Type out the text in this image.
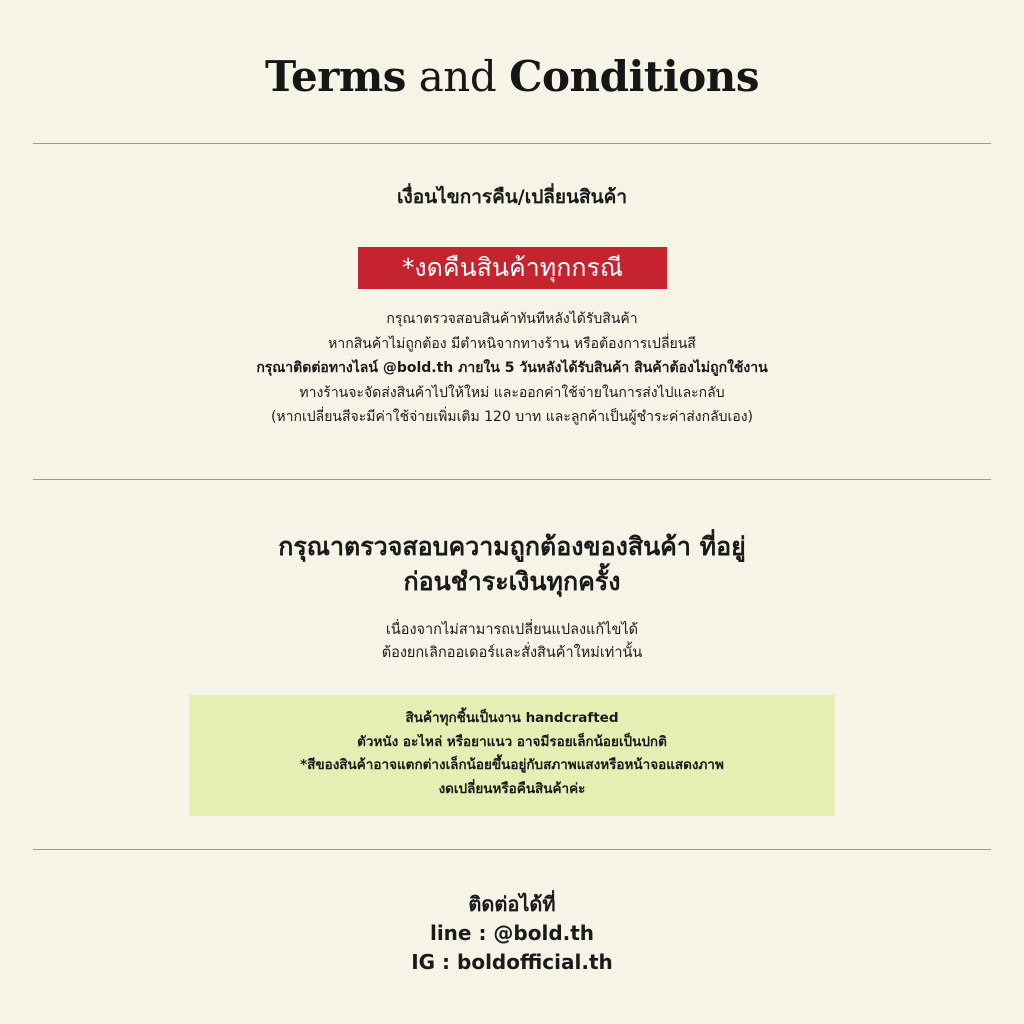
Terms and Conditions
เงื่อนไขการคืน/เปลี่ยนสินค้า
*งดคืนสินค้าทุกกรณี
กรุณาตรวจสอบสินค้าทันทีหลังได้รับสินค้า
หากสินค้าไม่ถูกต้อง มีตำหนิจากทางร้าน หรือต้องการเปลี่ยนสี
กรุณาติดต่อทางไลน์ @bold.th ภายใน 5 วันหลังได้รับสินค้า สินค้าต้องไม่ถูกใช้งาน
ทางร้านจะจัดส่งสินค้าไปให้ใหม่ และออกค่าใช้จ่ายในการส่งไปและกลับ
(หากเปลี่ยนสีจะมีค่าใช้จ่ายเพิ่มเติม 120 บาท และลูกค้าเป็นผู้ชำระค่าส่งกลับเอง)
กรุณาตรวจสอบความถูกต้องของสินค้า ที่อยู่
ก่อนชำระเงินทุกครั้ง
เนื่องจากไม่สามารถเปลี่ยนแปลงแก้ไขได้
ต้องยกเลิกออเดอร์และสั่งสินค้าใหม่เท่านั้น
สินค้าทุกชิ้นเป็นงาน handcrafted
ตัวหนัง อะไหล่ หรือยาแนว อาจมีรอยเล็กน้อยเป็นปกติ
*สีของสินค้าอาจแตกต่างเล็กน้อยขึ้นอยู่กับสภาพแสงหรือหน้าจอแสดงภาพ
งดเปลี่ยนหรือคืนสินค้าค่ะ
ติดต่อได้ที่
line : @bold.th
IG : boldofficial.th
